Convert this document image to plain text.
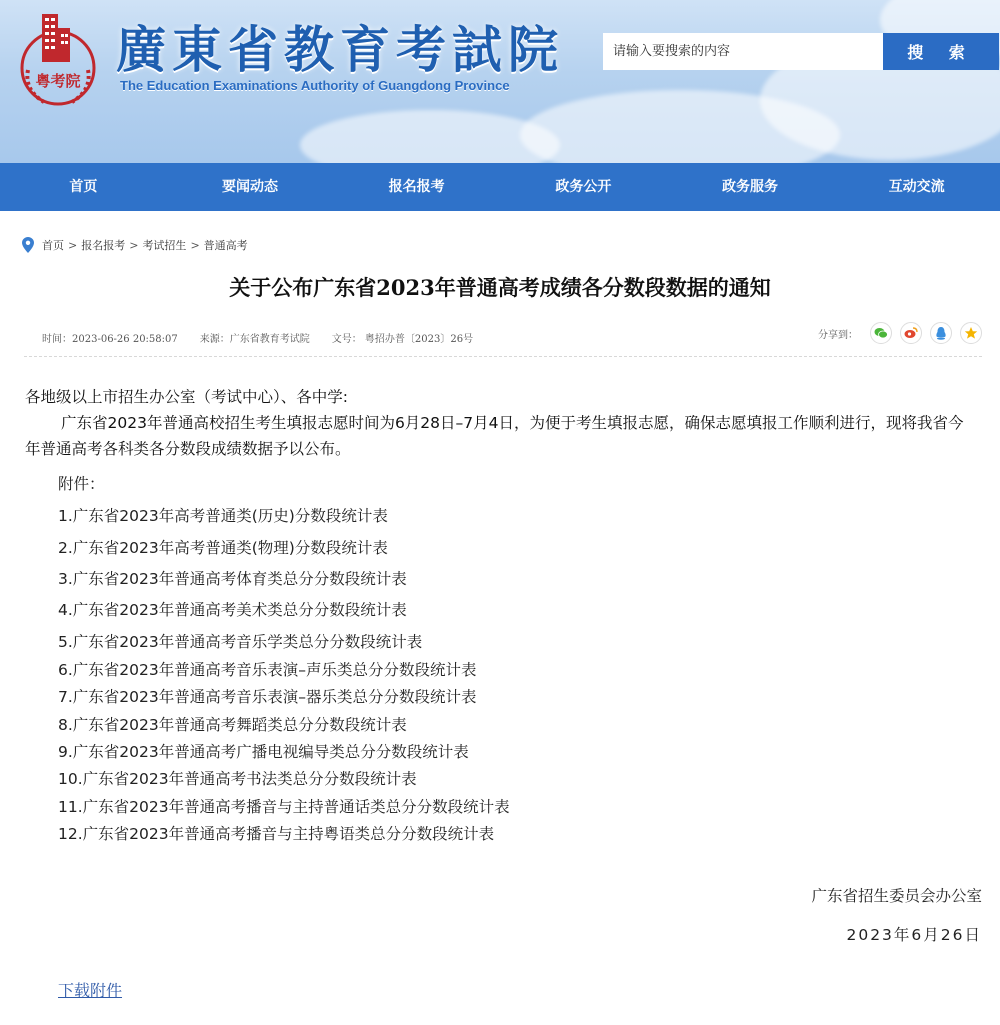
粤考院
廣東省教育考試院
The Education Examinations Authority of Guangdong Province
请输入要搜索的内容
搜 索
首页	要闻动态	报名报考	政务公开	政务服务	互动交流
首页 > 报名报考 > 考试招生 > 普通高考
关于公布广东省2023年普通高考成绩各分数段数据的通知
时间：2023-06-26 20:58:07 来源：广东省教育考试院 文号： 粤招办普〔2023〕26号	分享到：

各地级以上市招生办公室（考试中心）、各中学:

广东省2023年普通高校招生考生填报志愿时间为6月28日–7月4日，为便于考生填报志愿，确保志愿填报工作顺利进行，现将我省今年普通高考各科类各分数段成绩数据予以公布。

附件：
1.广东省2023年高考普通类(历史)分数段统计表
2.广东省2023年高考普通类(物理)分数段统计表
3.广东省2023年普通高考体育类总分分数段统计表
4.广东省2023年普通高考美术类总分分数段统计表
5.广东省2023年普通高考音乐学类总分分数段统计表
6.广东省2023年普通高考音乐表演–声乐类总分分数段统计表
7.广东省2023年普通高考音乐表演–器乐类总分分数段统计表
8.广东省2023年普通高考舞蹈类总分分数段统计表
9.广东省2023年普通高考广播电视编导类总分分数段统计表
10.广东省2023年普通高考书法类总分分数段统计表
11.广东省2023年普通高考播音与主持普通话类总分分数段统计表
12.广东省2023年普通高考播音与主持粤语类总分分数段统计表
广东省招生委员会办公室
2023年6月26日
下载附件
